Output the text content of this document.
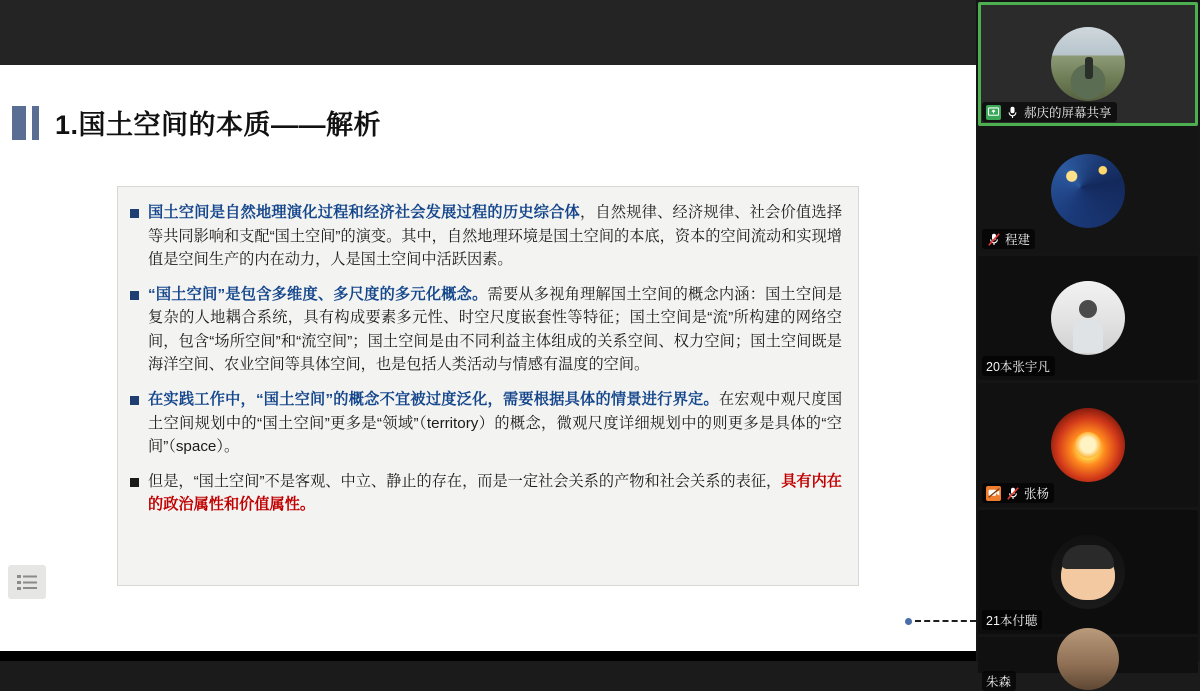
1.国土空间的本质——解析
国土空间是自然地理演化过程和经济社会发展过程的历史综合体，自然规律、经济规律、社会价值选择等共同影响和支配“国土空间”的演变。其中，自然地理环境是国土空间的本底，资本的空间流动和实现增值是空间生产的内在动力，人是国土空间中活跃因素。
“国土空间”是包含多维度、多尺度的多元化概念。需要从多视角理解国土空间的概念内涵：国土空间是复杂的人地耦合系统，具有构成要素多元性、时空尺度嵌套性等特征；国土空间是“流”所构建的网络空间，包含“场所空间”和“流空间”；国土空间是由不同利益主体组成的关系空间、权力空间；国土空间既是海洋空间、农业空间等具体空间，也是包括人类活动与情感有温度的空间。
在实践工作中，“国土空间”的概念不宜被过度泛化，需要根据具体的情景进行界定。在宏观中观尺度国土空间规划中的“国土空间”更多是“领域”（territory）的概念，微观尺度详细规划中的则更多是具体的“空间”（space）。
但是，“国土空间”不是客观、中立、静止的存在，而是一定社会关系的产物和社会关系的表征，具有内在的政治属性和价值属性。
郝庆的屏幕共享
程建
20本张宇凡
张杨
21本付聴
朱森
